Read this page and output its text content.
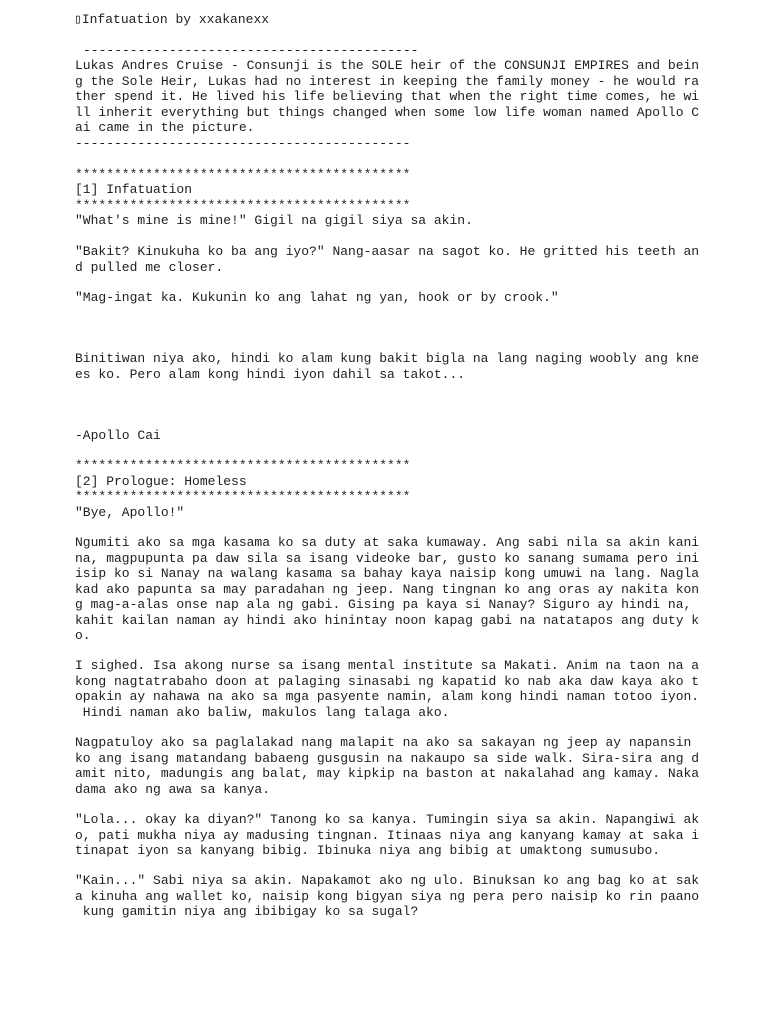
▯Infatuation by xxakanexx
-------------------------------------------
Lukas Andres Cruise - Consunji is the SOLE heir of the CONSUNJI EMPIRES and bein
g the Sole Heir, Lukas had no interest in keeping the family money - he would ra
ther spend it. He lived his life believing that when the right time comes, he wi
ll inherit everything but things changed when some low life woman named Apollo C
ai came in the picture.
-------------------------------------------
*******************************************
[1] Infatuation
*******************************************
"What's mine is mine!" Gigil na gigil siya sa akin.
"Bakit? Kinukuha ko ba ang iyo?" Nang-aasar na sagot ko. He gritted his teeth an
d pulled me closer.
"Mag-ingat ka. Kukunin ko ang lahat ng yan, hook or by crook."
Binitiwan niya ako, hindi ko alam kung bakit bigla na lang naging woobly ang kne
es ko. Pero alam kong hindi iyon dahil sa takot...
-Apollo Cai
*******************************************
[2] Prologue: Homeless
*******************************************
"Bye, Apollo!"
Ngumiti ako sa mga kasama ko sa duty at saka kumaway. Ang sabi nila sa akin kani
na, magpupunta pa daw sila sa isang videoke bar, gusto ko sanang sumama pero ini
isip ko si Nanay na walang kasama sa bahay kaya naisip kong umuwi na lang. Nagla
kad ako papunta sa may paradahan ng jeep. Nang tingnan ko ang oras ay nakita kon
g mag-a-alas onse nap ala ng gabi. Gising pa kaya si Nanay? Siguro ay hindi na,
kahit kailan naman ay hindi ako hinintay noon kapag gabi na natatapos ang duty k
o.
I sighed. Isa akong nurse sa isang mental institute sa Makati. Anim na taon na a
kong nagtatrabaho doon at palaging sinasabi ng kapatid ko nab aka daw kaya ako t
opakin ay nahawa na ako sa mga pasyente namin, alam kong hindi naman totoo iyon.
Hindi naman ako baliw, makulos lang talaga ako.
Nagpatuloy ako sa paglalakad nang malapit na ako sa sakayan ng jeep ay napansin
ko ang isang matandang babaeng gusgusin na nakaupo sa side walk. Sira-sira ang d
amit nito, madungis ang balat, may kipkip na baston at nakalahad ang kamay. Naka
dama ako ng awa sa kanya.
"Lola... okay ka diyan?" Tanong ko sa kanya. Tumingin siya sa akin. Napangiwi ak
o, pati mukha niya ay madusing tingnan. Itinaas niya ang kanyang kamay at saka i
tinapat iyon sa kanyang bibig. Ibinuka niya ang bibig at umaktong sumusubo.
"Kain..." Sabi niya sa akin. Napakamot ako ng ulo. Binuksan ko ang bag ko at sak
a kinuha ang wallet ko, naisip kong bigyan siya ng pera pero naisip ko rin paano
kung gamitin niya ang ibibigay ko sa sugal?
